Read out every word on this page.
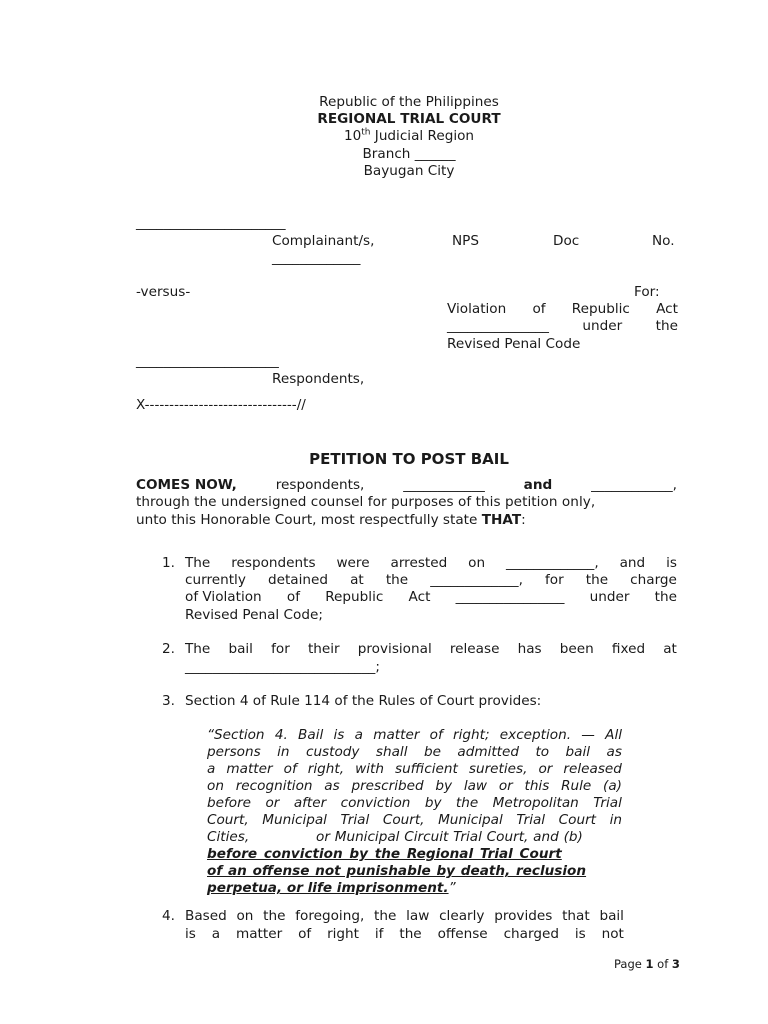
Republic of the Philippines
REGIONAL TRIAL COURT
10th Judicial Region
Branch ______
Bayugan City
______________________
Complainant/s,	NPS	Doc	No.
_____________
-versus-	For:
Violation of Republic Act
_______________ under the
Revised Penal Code
_____________________
Respondents,
X-------------------------------//
PETITION TO POST BAIL
COMES NOW,	respondents,	____________	and	____________,
through the undersigned counsel for purposes of this petition only,
unto this Honorable Court, most respectfully state THAT:
1. The respondents were arrested on _____________, and is
currently detained at the _____________, for the charge
of Violation of Republic Act ________________ under the
Revised Penal Code;
2. The bail for their provisional release has been fixed at
____________________________;
3. Section 4 of Rule 114 of the Rules of Court provides:
“Section 4. Bail is a matter of right; exception. — All
persons in custody shall be admitted to bail as
a matter of right, with sufficient sureties, or released
on recognition as prescribed by law or this Rule (a)
before or after conviction by the Metropolitan Trial
Court, Municipal Trial Court, Municipal Trial Court in
Cities,	or Municipal Circuit Trial Court, and (b)
before conviction by the Regional Trial Court
of an offense not punishable by death, reclusion
perpetua, or life imprisonment.”
4. Based on the foregoing, the law clearly provides that bail
is a matter of right if the offense charged is not
Page 1 of 3
